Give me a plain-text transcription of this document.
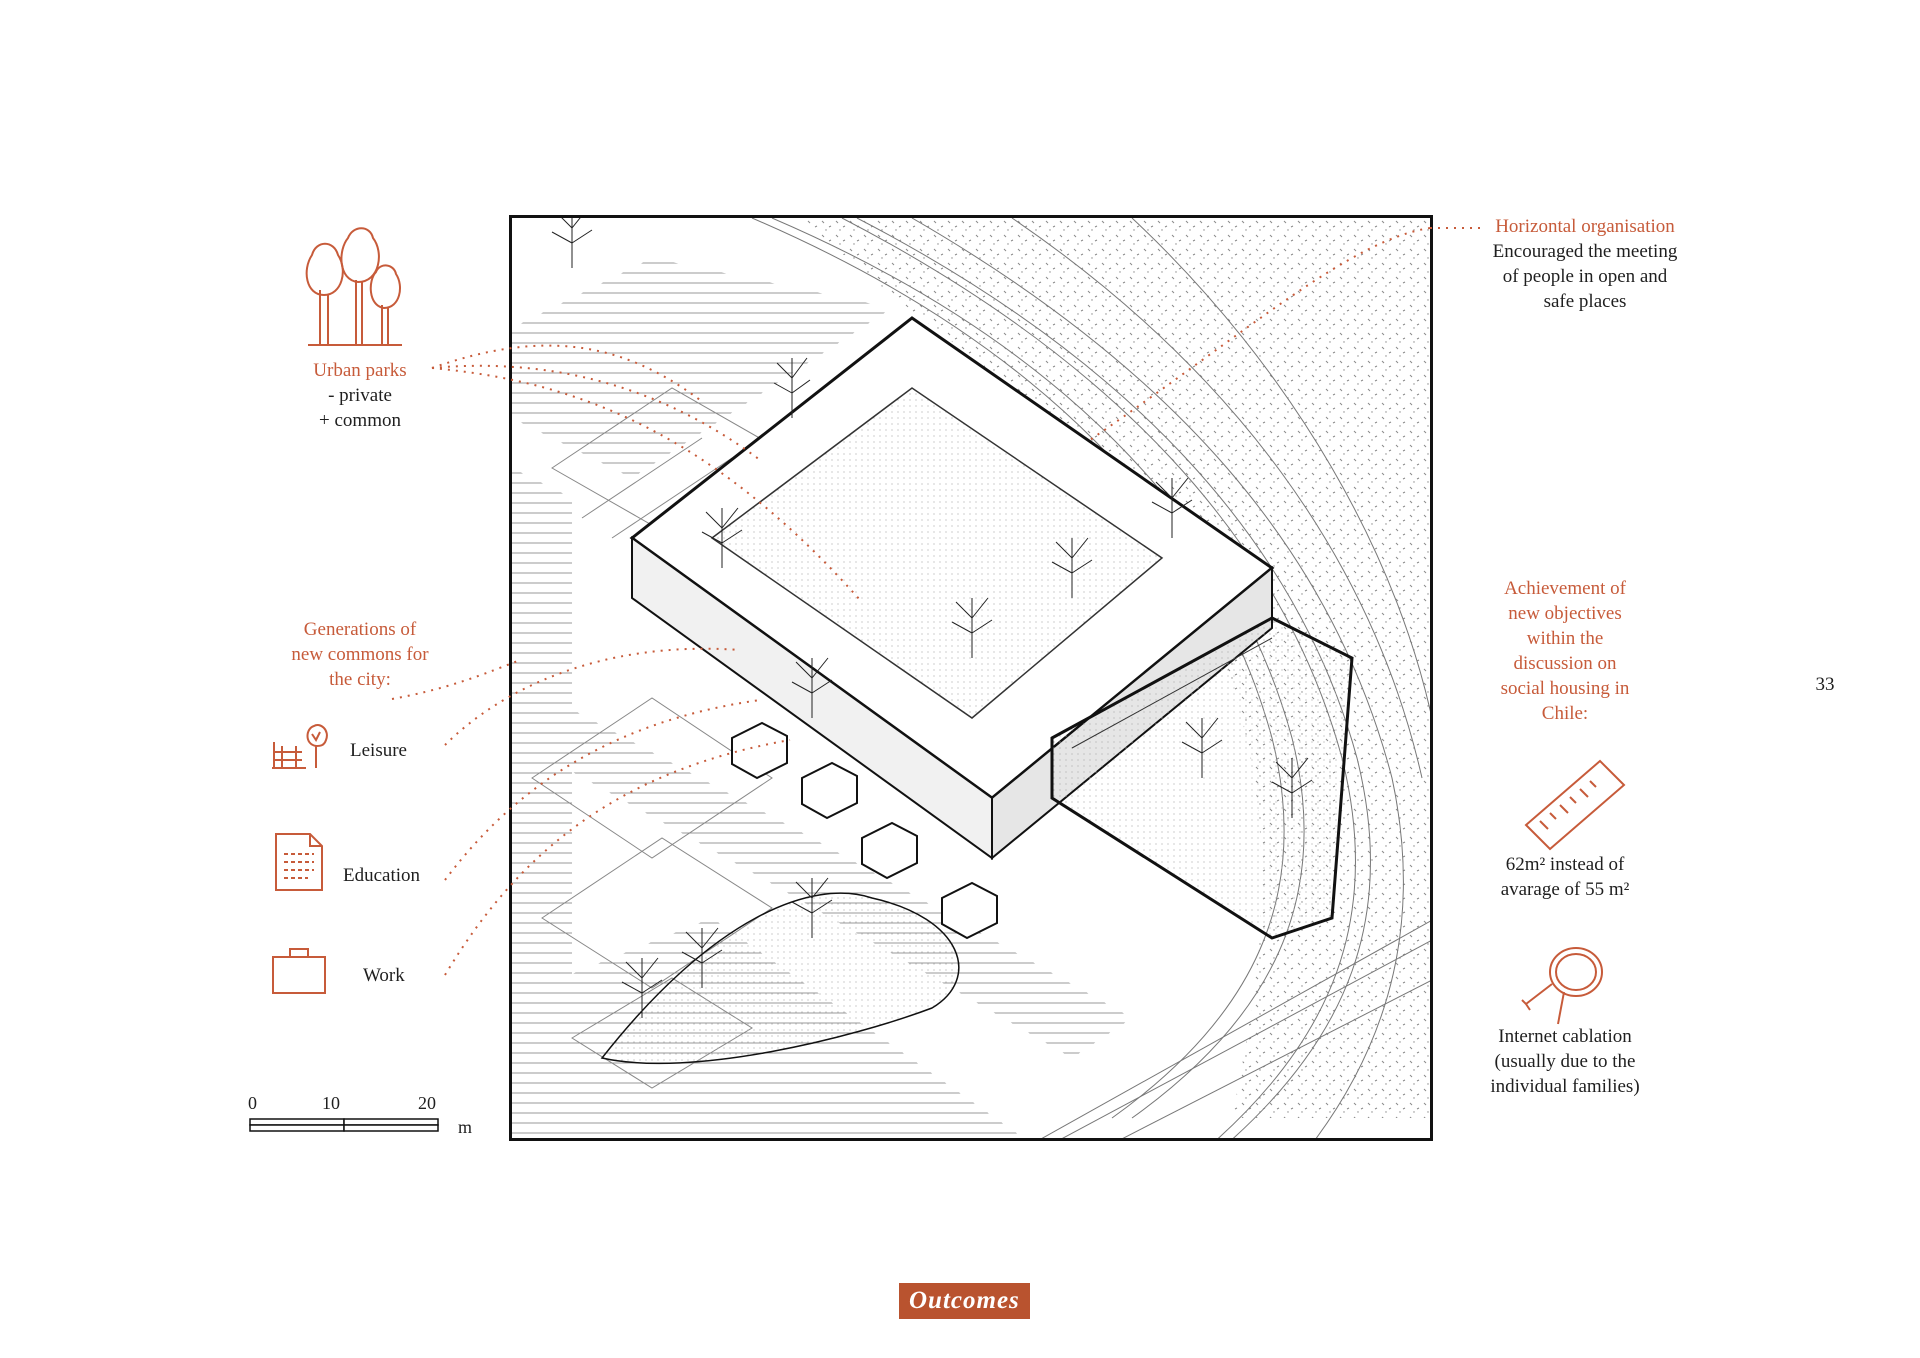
Urban parks
- private
+ common
Generations of
new commons for
the city:
Leisure
Education
Work
0	10	20
m
Horizontal organisation
Encouraged the meeting
of people in open and
safe places
Achievement of
new objectives
within the
discussion on
social housing in
Chile:
62m² instead of
avarage of 55 m²
Internet cablation
(usually due to the
individual families)
33
Outcomes
